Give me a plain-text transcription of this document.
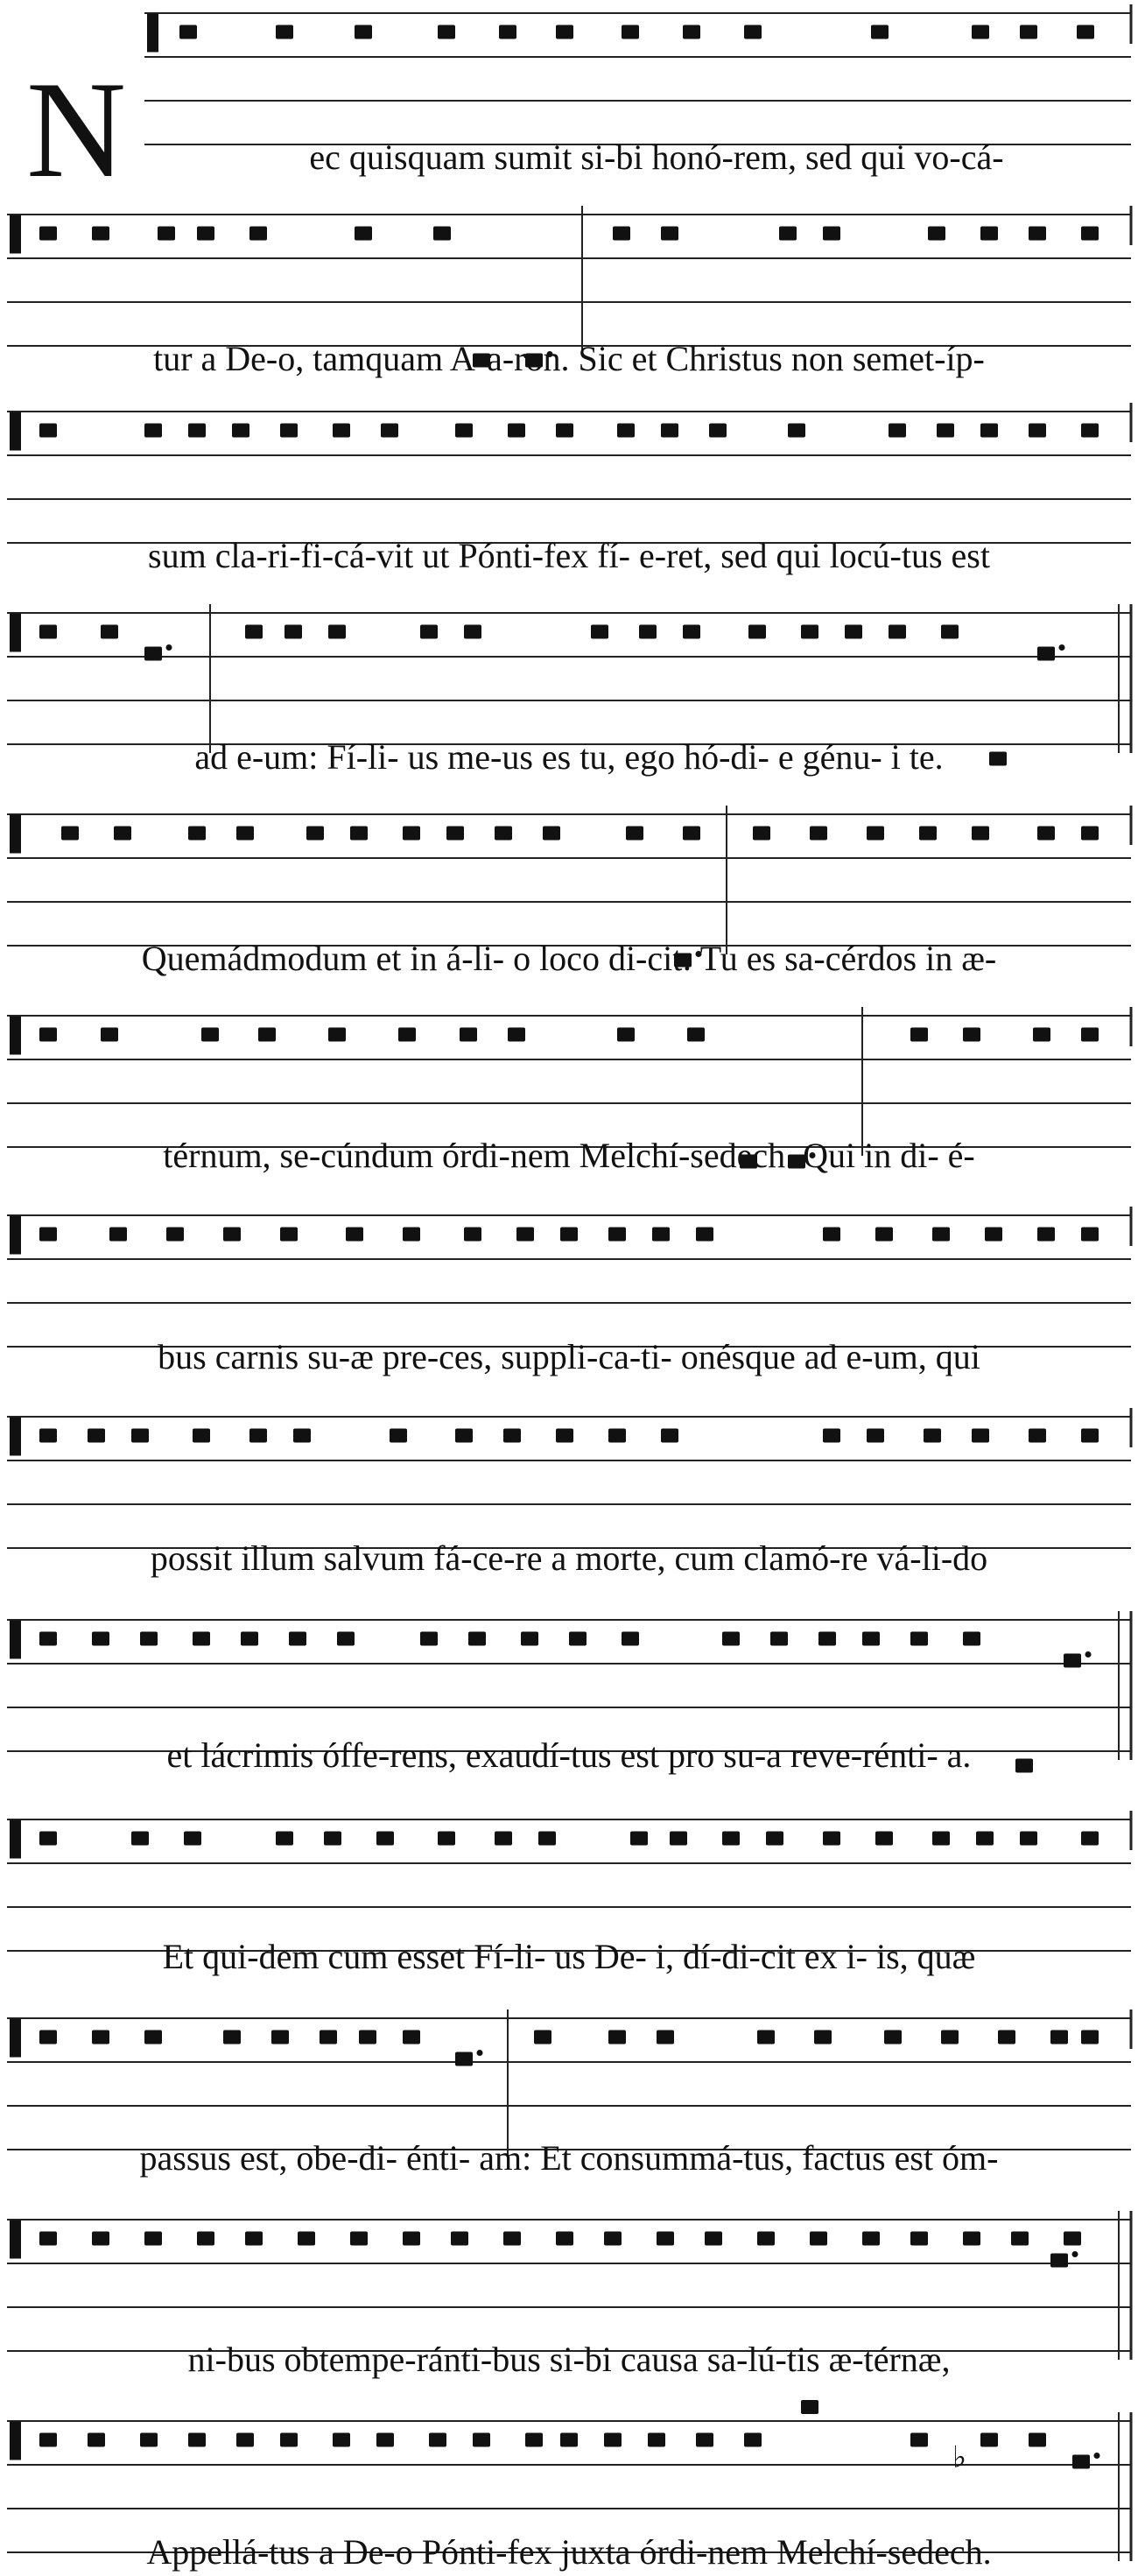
N
♭
ec quisquam sumit si-bi honó-rem, sed qui vo-cá-
tur a De-o, tamquam A-a-ron. Sic et Christus non semet-íp-
sum cla-ri-fi-cá-vit ut Pónti-fex fí- e-ret, sed qui locú-tus est
ad e-um: Fí-li- us me-us es tu, ego hó-di- e génu- i te.
Quemádmodum et in á-li- o loco di-cit: Tu es sa-cérdos in æ-
térnum, se-cúndum órdi-nem Melchí-sedech. Qui in di- é-
bus carnis su-æ pre-ces, suppli-ca-ti- onésque ad e-um, qui
possit illum salvum fá-ce-re a morte, cum clamó-re vá-li-do
et lácrimis óffe-rens, exaudí-tus est pro su-a reve-rénti- a.
Et qui-dem cum esset Fí-li- us De- i, dí-di-cit ex i- is, quæ
passus est, obe-di- énti- am: Et consummá-tus, factus est óm-
ni-bus obtempe-ránti-bus si-bi causa sa-lú-tis æ-térnæ,
Appellá-tus a De-o Pónti-fex juxta órdi-nem Melchí-sedech.
